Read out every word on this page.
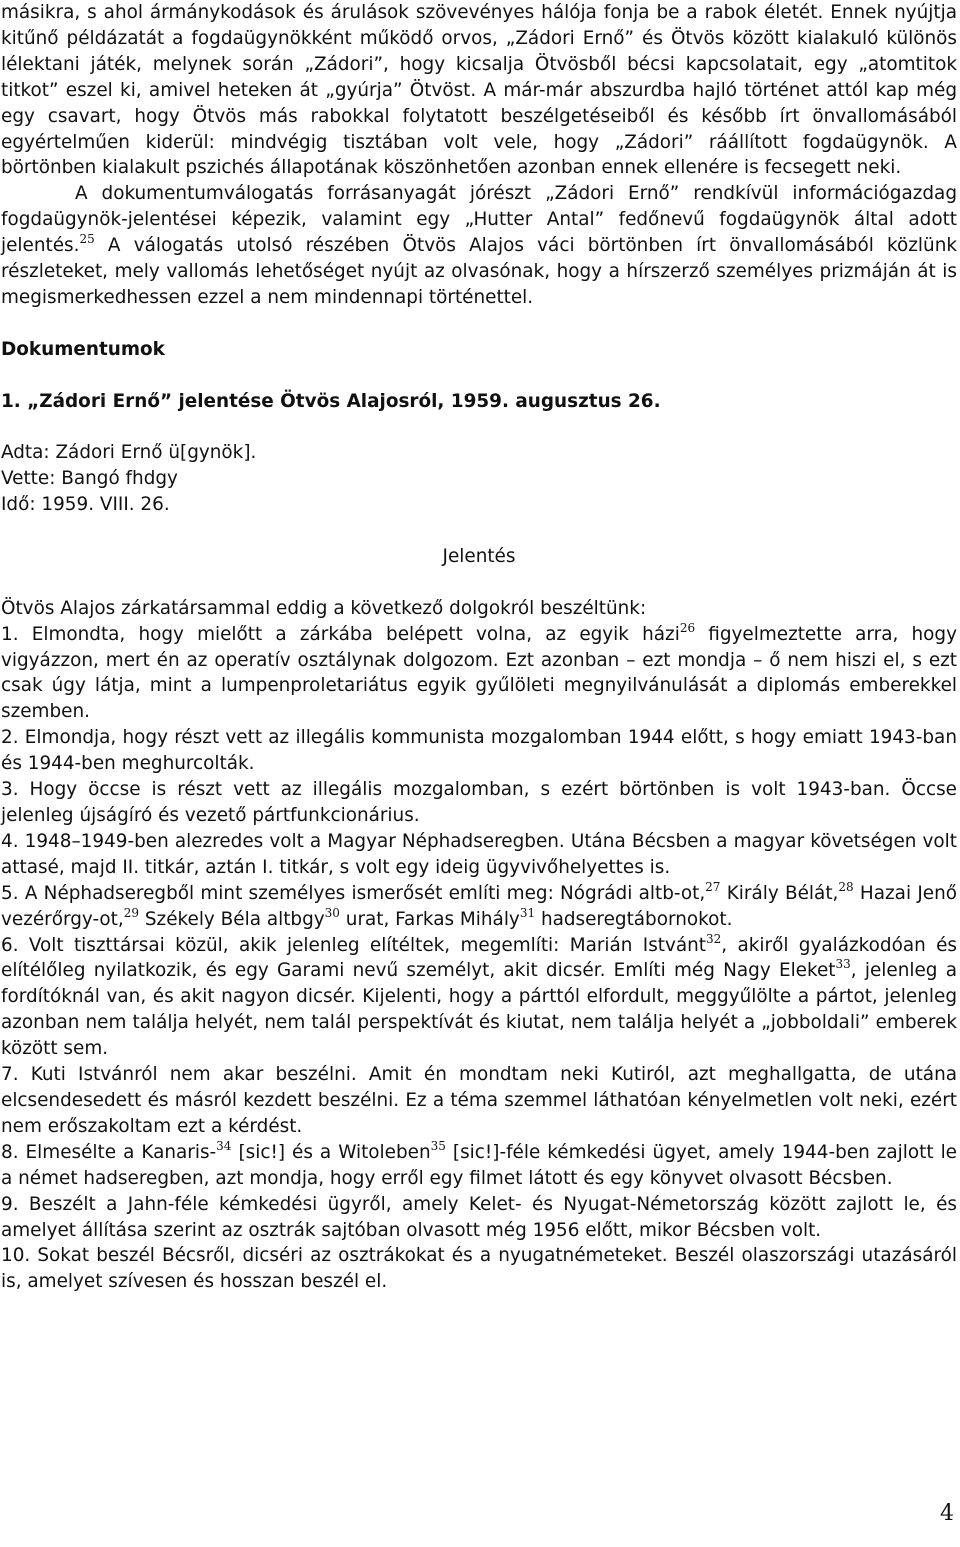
másikra, s ahol ármánykodások és árulások szövevényes hálója fonja be a rabok életét. Ennek nyújtja kitűnő példázatát a fogdaügynökként működő orvos, „Zádori Ernő” és Ötvös között kialakuló különös lélektani játék, melynek során „Zádori”, hogy kicsalja Ötvösből bécsi kapcsolatait, egy „atomtitok titkot” eszel ki, amivel heteken át „gyúrja” Ötvöst. A már-már abszurdba hajló történet attól kap még egy csavart, hogy Ötvös más rabokkal folytatott beszélgetéseiből és később írt önvallomásából egyértelműen kiderül: mindvégig tisztában volt vele, hogy „Zádori” ráállított fogdaügynök. A börtönben kialakult pszichés állapotának köszönhetően azonban ennek ellenére is fecsegett neki.

A dokumentumválogatás forrásanyagát jórészt „Zádori Ernő” rendkívül információgazdag fogdaügynök-jelentései képezik, valamint egy „Hutter Antal” fedőnevű fogdaügynök által adott jelentés.$^{25}$ A válogatás utolsó részében Ötvös Alajos váci börtönben írt önvallomásából közlünk részleteket, mely vallomás lehetőséget nyújt az olvasónak, hogy a hírszerző személyes prizmáján át is megismerkedhessen ezzel a nem mindennapi történettel.

Dokumentumok

1. „Zádori Ernő” jelentése Ötvös Alajosról, 1959. augusztus 26.

Adta: Zádori Ernő ü[gynök].

Vette: Bangó fhdgy

Idő: 1959. VIII. 26.

Jelentés

Ötvös Alajos zárkatársammal eddig a következő dolgokról beszéltünk:

1. Elmondta, hogy mielőtt a zárkába belépett volna, az egyik házi$^{26}$ figyelmeztette arra, hogy vigyázzon, mert én az operatív osztálynak dolgozom. Ezt azonban – ezt mondja – ő nem hiszi el, s ezt csak úgy látja, mint a lumpenproletariátus egyik gyűlöleti megnyilvánulását a diplomás emberekkel szemben.

2. Elmondja, hogy részt vett az illegális kommunista mozgalomban 1944 előtt, s hogy emiatt 1943-ban és 1944-ben meghurcolták.

3. Hogy öccse is részt vett az illegális mozgalomban, s ezért börtönben is volt 1943-ban. Öccse jelenleg újságíró és vezető pártfunkcionárius.

4. 1948–1949-ben alezredes volt a Magyar Néphadseregben. Utána Bécsben a magyar követségen volt attasé, majd II. titkár, aztán I. titkár, s volt egy ideig ügyvivőhelyettes is.

5. A Néphadseregből mint személyes ismerősét említi meg: Nógrádi altb-ot,$^{27}$ Király Bélát,$^{28}$ Hazai Jenő vezérőrgy-ot,$^{29}$ Székely Béla altbgy$^{30}$ urat, Farkas Mihály$^{31}$ hadseregtábornokot.

6. Volt tiszttársai közül, akik jelenleg elítéltek, megemlíti: Marián Istvánt$^{32}$, akiről gyalázkodóan és elítélőleg nyilatkozik, és egy Garami nevű személyt, akit dicsér. Említi még Nagy Eleket$^{33}$, jelenleg a fordítóknál van, és akit nagyon dicsér. Kijelenti, hogy a párttól elfordult, meggyűlölte a pártot, jelenleg azonban nem találja helyét, nem talál perspektívát és kiutat, nem találja helyét a „jobboldali” emberek között sem.

7. Kuti Istvánról nem akar beszélni. Amit én mondtam neki Kutiról, azt meghallgatta, de utána elcsendesedett és másról kezdett beszélni. Ez a téma szemmel láthatóan kényelmetlen volt neki, ezért nem erőszakoltam ezt a kérdést.

8. Elmesélte a Kanaris-$^{34}$ [sic!] és a Witoleben$^{35}$ [sic!]-féle kémkedési ügyet, amely 1944-ben zajlott le a német hadseregben, azt mondja, hogy erről egy filmet látott és egy könyvet olvasott Bécsben.

9. Beszélt a Jahn-féle kémkedési ügyről, amely Kelet- és Nyugat-Németország között zajlott le, és amelyet állítása szerint az osztrák sajtóban olvasott még 1956 előtt, mikor Bécsben volt.

10. Sokat beszél Bécsről, dicséri az osztrákokat és a nyugatnémeteket. Beszél olaszországi utazásáról is, amelyet szívesen és hosszan beszél el.

4
